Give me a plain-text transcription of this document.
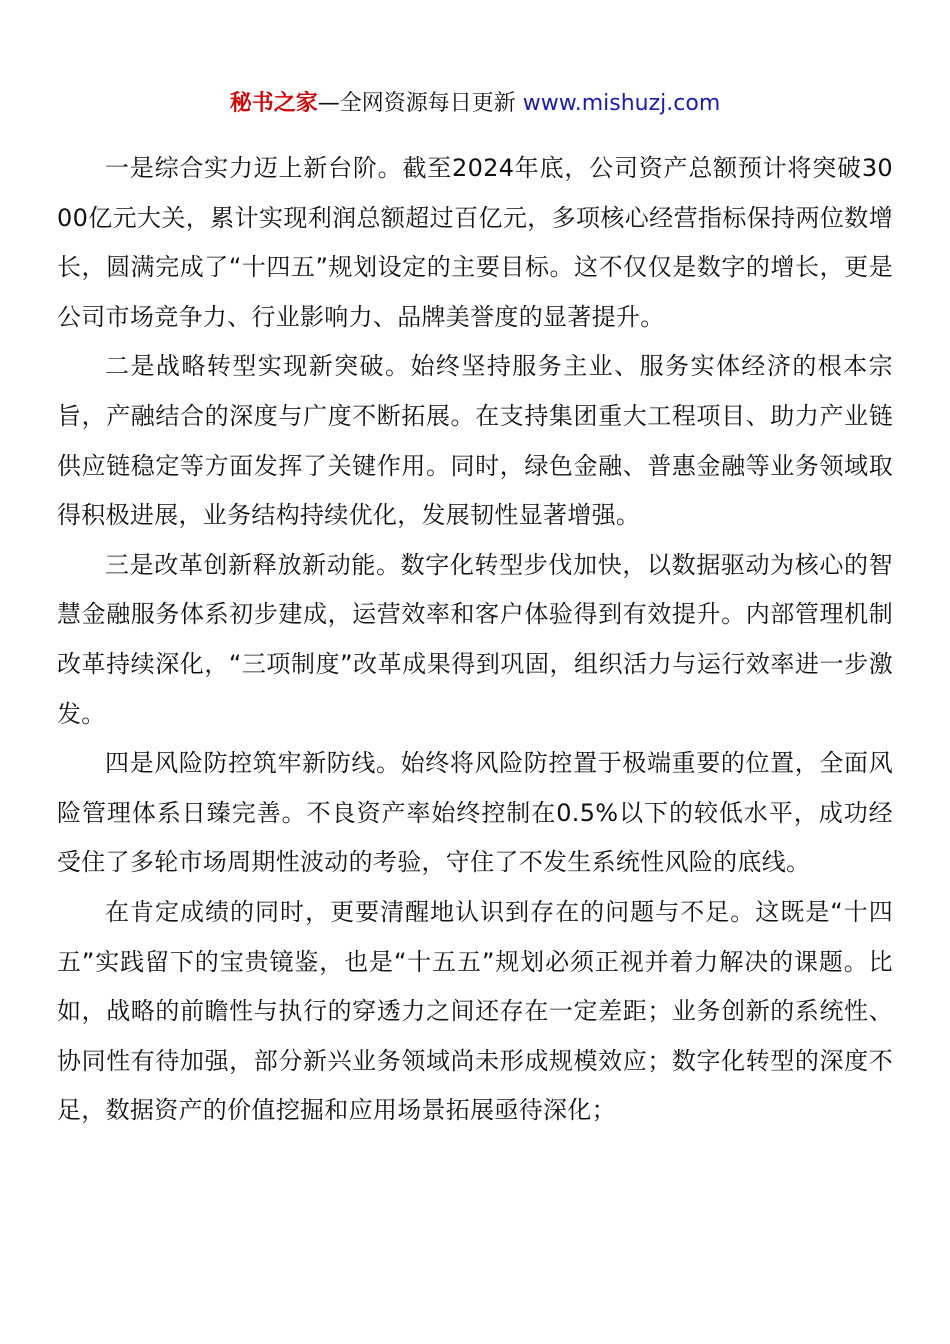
秘书之家—全网资源每日更新 www.mishuzj.com

一是综合实力迈上新台阶。截至2024年底，公司资产总额预计将突破3000亿元大关，累计实现利润总额超过百亿元，多项核心经营指标保持两位数增长，圆满完成了“十四五”规划设定的主要目标。这不仅仅是数字的增长，更是公司市场竞争力、行业影响力、品牌美誉度的显著提升。

二是战略转型实现新突破。始终坚持服务主业、服务实体经济的根本宗旨，产融结合的深度与广度不断拓展。在支持集团重大工程项目、助力产业链供应链稳定等方面发挥了关键作用。同时，绿色金融、普惠金融等业务领域取得积极进展，业务结构持续优化，发展韧性显著增强。

三是改革创新释放新动能。数字化转型步伐加快，以数据驱动为核心的智慧金融服务体系初步建成，运营效率和客户体验得到有效提升。内部管理机制改革持续深化，“三项制度”改革成果得到巩固，组织活力与运行效率进一步激发。

四是风险防控筑牢新防线。始终将风险防控置于极端重要的位置，全面风险管理体系日臻完善。不良资产率始终控制在0.5%以下的较低水平，成功经受住了多轮市场周期性波动的考验，守住了不发生系统性风险的底线。

在肯定成绩的同时，更要清醒地认识到存在的问题与不足。这既是“十四五”实践留下的宝贵镜鉴，也是“十五五”规划必须正视并着力解决的课题。比如，战略的前瞻性与执行的穿透力之间还存在一定差距；业务创新的系统性、协同性有待加强，部分新兴业务领域尚未形成规模效应；数字化转型的深度不足，数据资产的价值挖掘和应用场景拓展亟待深化；
